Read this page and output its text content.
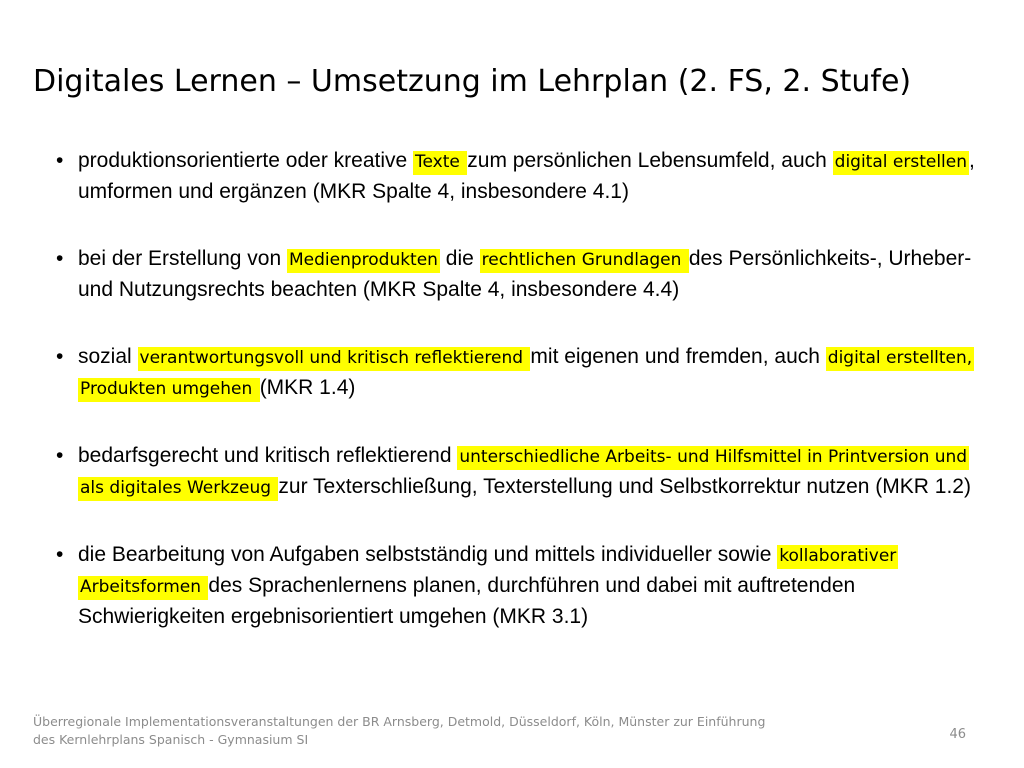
Digitales Lernen – Umsetzung im Lehrplan (2. FS, 2. Stufe)
• produktionsorientierte oder kreative Texte zum persönlichen Lebensumfeld, auch digital erstellen, umformen und ergänzen (MKR Spalte 4, insbesondere 4.1)
• bei der Erstellung von Medienprodukten die rechtlichen Grundlagen des Persönlichkeits-, Urheber- und Nutzungsrechts beachten (MKR Spalte 4, insbesondere 4.4)
• sozial verantwortungsvoll und kritisch reflektierend mit eigenen und fremden, auch digital erstellten, Produkten umgehen (MKR 1.4)
• bedarfsgerecht und kritisch reflektierend unterschiedliche Arbeits- und Hilfsmittel in Printversion und als digitales Werkzeug zur Texterschließung, Texterstellung und Selbstkorrektur nutzen (MKR 1.2)
• die Bearbeitung von Aufgaben selbstständig und mittels individueller sowie kollaborativer Arbeitsformen des Sprachenlernens planen, durchführen und dabei mit auftretenden Schwierigkeiten ergebnisorientiert umgehen (MKR 3.1)
Überregionale Implementationsveranstaltungen der BR Arnsberg, Detmold, Düsseldorf, Köln, Münster zur Einführung
des Kernlehrplans Spanisch - Gymnasium SI	46
